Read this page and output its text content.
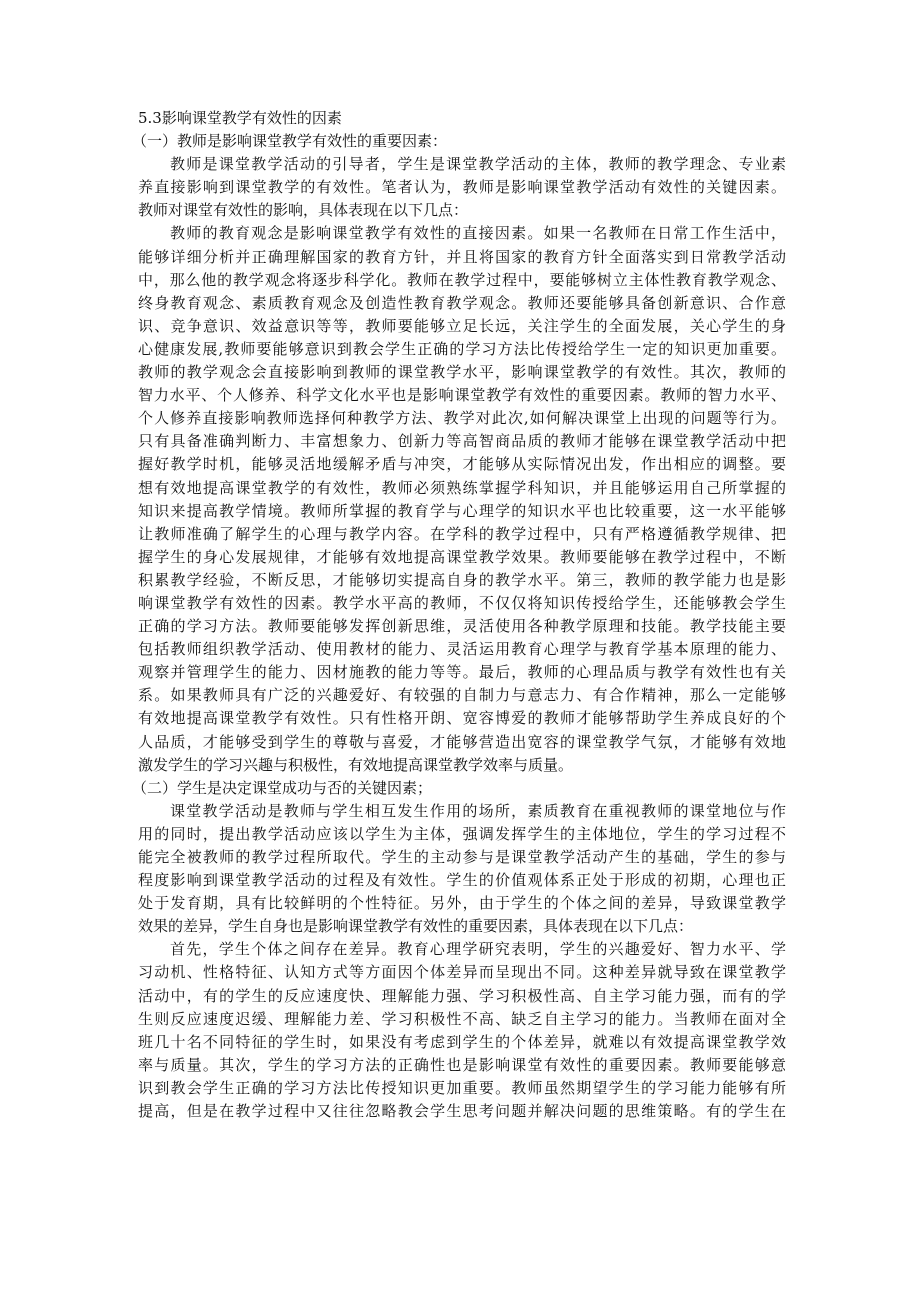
5.3影响课堂教学有效性的因素
（一）教师是影响课堂教学有效性的重要因素：
教师是课堂教学活动的引导者，学生是课堂教学活动的主体，教师的教学理念、专业素
养直接影响到课堂教学的有效性。笔者认为，教师是影响课堂教学活动有效性的关键因素。
教师对课堂有效性的影响，具体表现在以下几点：
教师的教育观念是影响课堂教学有效性的直接因素。如果一名教师在日常工作生活中，
能够详细分析并正确理解国家的教育方针，并且将国家的教育方针全面落实到日常教学活动
中，那么他的教学观念将逐步科学化。教师在教学过程中，要能够树立主体性教育教学观念、
终身教育观念、素质教育观念及创造性教育教学观念。教师还要能够具备创新意识、合作意
识、竞争意识、效益意识等等，教师要能够立足长远，关注学生的全面发展，关心学生的身
心健康发展,教师要能够意识到教会学生正确的学习方法比传授给学生一定的知识更加重要。
教师的教学观念会直接影响到教师的课堂教学水平，影响课堂教学的有效性。其次，教师的
智力水平、个人修养、科学文化水平也是影响课堂教学有效性的重要因素。教师的智力水平、
个人修养直接影响教师选择何种教学方法、教学对此次,如何解决课堂上出现的问题等行为。
只有具备准确判断力、丰富想象力、创新力等高智商品质的教师才能够在课堂教学活动中把
握好教学时机，能够灵活地缓解矛盾与冲突，才能够从实际情况出发，作出相应的调整。要
想有效地提高课堂教学的有效性，教师必须熟练掌握学科知识，并且能够运用自己所掌握的
知识来提高教学情境。教师所掌握的教育学与心理学的知识水平也比较重要，这一水平能够
让教师准确了解学生的心理与教学内容。在学科的教学过程中，只有严格遵循教学规律、把
握学生的身心发展规律，才能够有效地提高课堂教学效果。教师要能够在教学过程中，不断
积累教学经验，不断反思，才能够切实提高自身的教学水平。第三，教师的教学能力也是影
响课堂教学有效性的因素。教学水平高的教师，不仅仅将知识传授给学生，还能够教会学生
正确的学习方法。教师要能够发挥创新思维，灵活使用各种教学原理和技能。教学技能主要
包括教师组织教学活动、使用教材的能力、灵活运用教育心理学与教育学基本原理的能力、
观察并管理学生的能力、因材施教的能力等等。最后，教师的心理品质与教学有效性也有关
系。如果教师具有广泛的兴趣爱好、有较强的自制力与意志力、有合作精神，那么一定能够
有效地提高课堂教学有效性。只有性格开朗、宽容博爱的教师才能够帮助学生养成良好的个
人品质，才能够受到学生的尊敬与喜爱，才能够营造出宽容的课堂教学气氛，才能够有效地
激发学生的学习兴趣与积极性，有效地提高课堂教学效率与质量。
（二）学生是决定课堂成功与否的关键因素；
课堂教学活动是教师与学生相互发生作用的场所，素质教育在重视教师的课堂地位与作
用的同时，提出教学活动应该以学生为主体，强调发挥学生的主体地位，学生的学习过程不
能完全被教师的教学过程所取代。学生的主动参与是课堂教学活动产生的基础，学生的参与
程度影响到课堂教学活动的过程及有效性。学生的价值观体系正处于形成的初期，心理也正
处于发育期，具有比较鲜明的个性特征。另外，由于学生的个体之间的差异，导致课堂教学
效果的差异，学生自身也是影响课堂教学有效性的重要因素，具体表现在以下几点：
首先，学生个体之间存在差异。教育心理学研究表明，学生的兴趣爱好、智力水平、学
习动机、性格特征、认知方式等方面因个体差异而呈现出不同。这种差异就导致在课堂教学
活动中，有的学生的反应速度快、理解能力强、学习积极性高、自主学习能力强，而有的学
生则反应速度迟缓、理解能力差、学习积极性不高、缺乏自主学习的能力。当教师在面对全
班几十名不同特征的学生时，如果没有考虑到学生的个体差异，就难以有效提高课堂教学效
率与质量。其次，学生的学习方法的正确性也是影响课堂有效性的重要因素。教师要能够意
识到教会学生正确的学习方法比传授知识更加重要。教师虽然期望学生的学习能力能够有所
提高，但是在教学过程中又往往忽略教会学生思考问题并解决问题的思维策略。有的学生在
